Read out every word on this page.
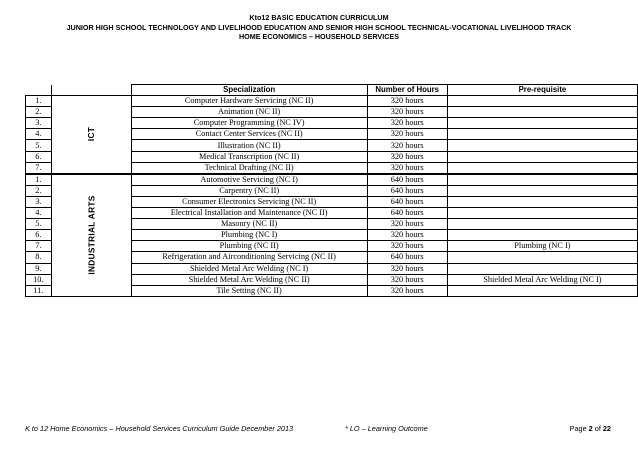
Kto12 BASIC EDUCATION CURRICULUM
JUNIOR HIGH SCHOOL TECHNOLOGY AND LIVELIHOOD EDUCATION AND SENIOR HIGH SCHOOL TECHNICAL-VOCATIONAL LIVELIHOOD TRACK
HOME ECONOMICS – HOUSEHOLD SERVICES
		Specialization	Number of Hours	Pre-requisite
1.	ICT	Computer Hardware Servicing (NC II)	320 hours	
2.		Animation (NC II)	320 hours	
3.		Computer Programming (NC IV)	320 hours	
4.		Contact Center Services (NC II)	320 hours	
5.		Illustration (NC II)	320 hours	
6.		Medical Transcription (NC II)	320 hours	
7.		Technical Drafting (NC II)	320 hours	
1.	INDUSTRIAL ARTS	Automotive Servicing (NC I)	640 hours	
2.		Carpentry (NC II)	640 hours	
3.		Consumer Electronics Servicing (NC II)	640 hours	
4.		Electrical Installation and Maintenance (NC II)	640 hours	
5.		Masonry (NC II)	320 hours	
6.		Plumbing (NC I)	320 hours	
7.		Plumbing (NC II)	320 hours	Plumbing (NC I)
8.		Refrigeration and Airconditioning Servicing (NC II)	640 hours	
9.		Shielded Metal Arc Welding (NC I)	320 hours	
10.		Shielded Metal Arc Welding (NC II)	320 hours	Shielded Metal Arc Welding (NC I)
11.		Tile Setting (NC II)	320 hours	
K to 12 Home Economics – Household Services Curriculum Guide December 2013	* LO – Learning Outcome	Page 2 of 22
